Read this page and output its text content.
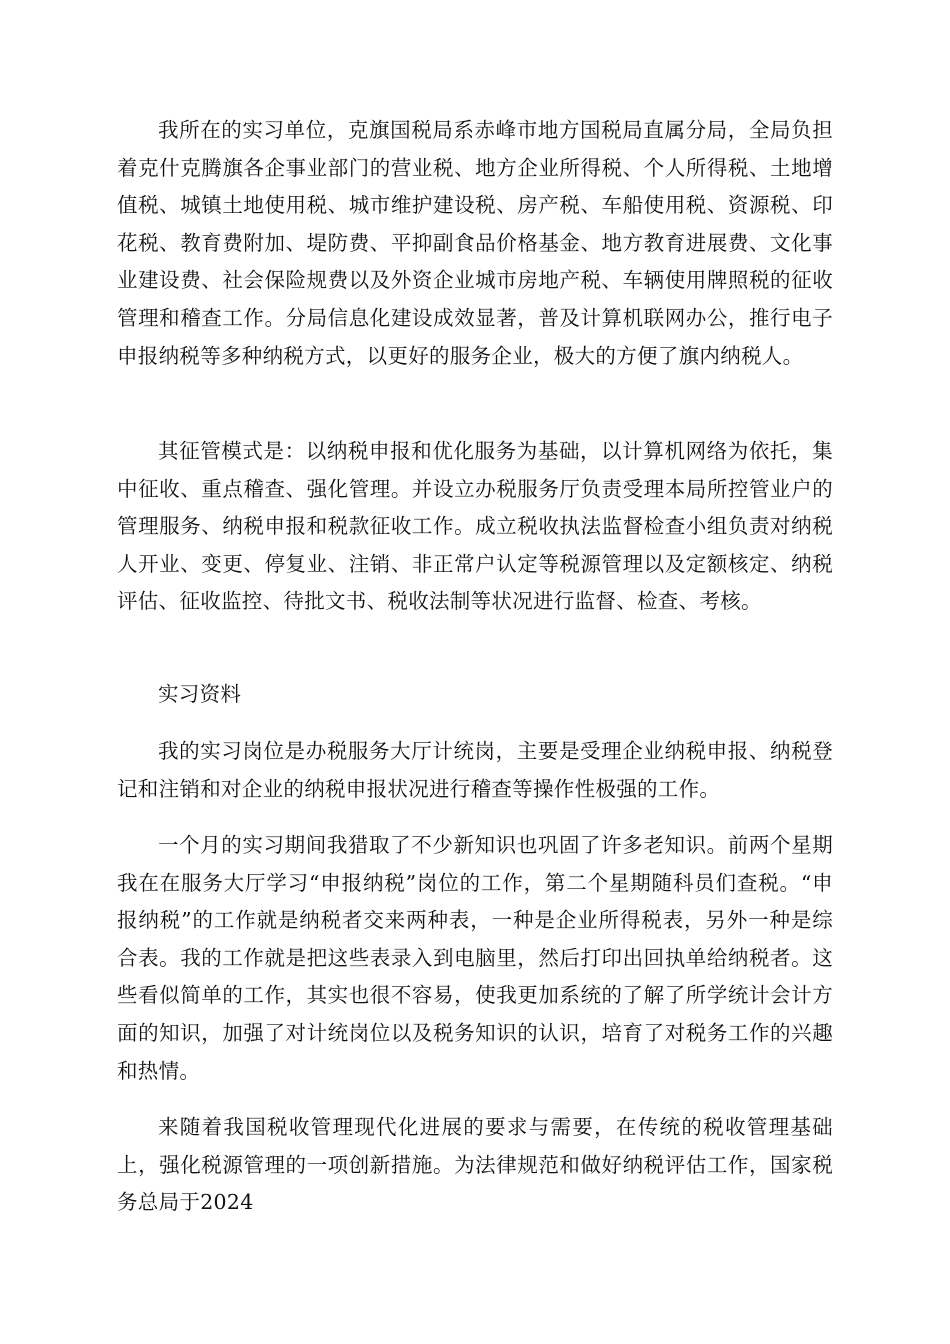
我所在的实习单位，克旗国税局系赤峰市地方国税局直属分局，全局负担着克什克腾旗各企事业部门的营业税、地方企业所得税、个人所得税、土地增值税、城镇土地使用税、城市维护建设税、房产税、车船使用税、资源税、印花税、教育费附加、堤防费、平抑副食品价格基金、地方教育进展费、文化事业建设费、社会保险规费以及外资企业城市房地产税、车辆使用牌照税的征收管理和稽查工作。分局信息化建设成效显著，普及计算机联网办公，推行电子申报纳税等多种纳税方式，以更好的服务企业，极大的方便了旗内纳税人。

其征管模式是：以纳税申报和优化服务为基础，以计算机网络为依托，集中征收、重点稽查、强化管理。并设立办税服务厅负责受理本局所控管业户的管理服务、纳税申报和税款征收工作。成立税收执法监督检查小组负责对纳税人开业、变更、停复业、注销、非正常户认定等税源管理以及定额核定、纳税评估、征收监控、待批文书、税收法制等状况进行监督、检查、考核。

实习资料

我的实习岗位是办税服务大厅计统岗，主要是受理企业纳税申报、纳税登记和注销和对企业的纳税申报状况进行稽查等操作性极强的工作。

一个月的实习期间我猎取了不少新知识也巩固了许多老知识。前两个星期我在在服务大厅学习“申报纳税”岗位的工作，第二个星期随科员们查税。“申报纳税”的工作就是纳税者交来两种表，一种是企业所得税表，另外一种是综合表。我的工作就是把这些表录入到电脑里，然后打印出回执单给纳税者。这些看似简单的工作，其实也很不容易，使我更加系统的了解了所学统计会计方面的知识，加强了对计统岗位以及税务知识的认识，培育了对税务工作的兴趣和热情。

来随着我国税收管理现代化进展的要求与需要，在传统的税收管理基础上，强化税源管理的一项创新措施。为法律规范和做好纳税评估工作，国家税务总局于2024
